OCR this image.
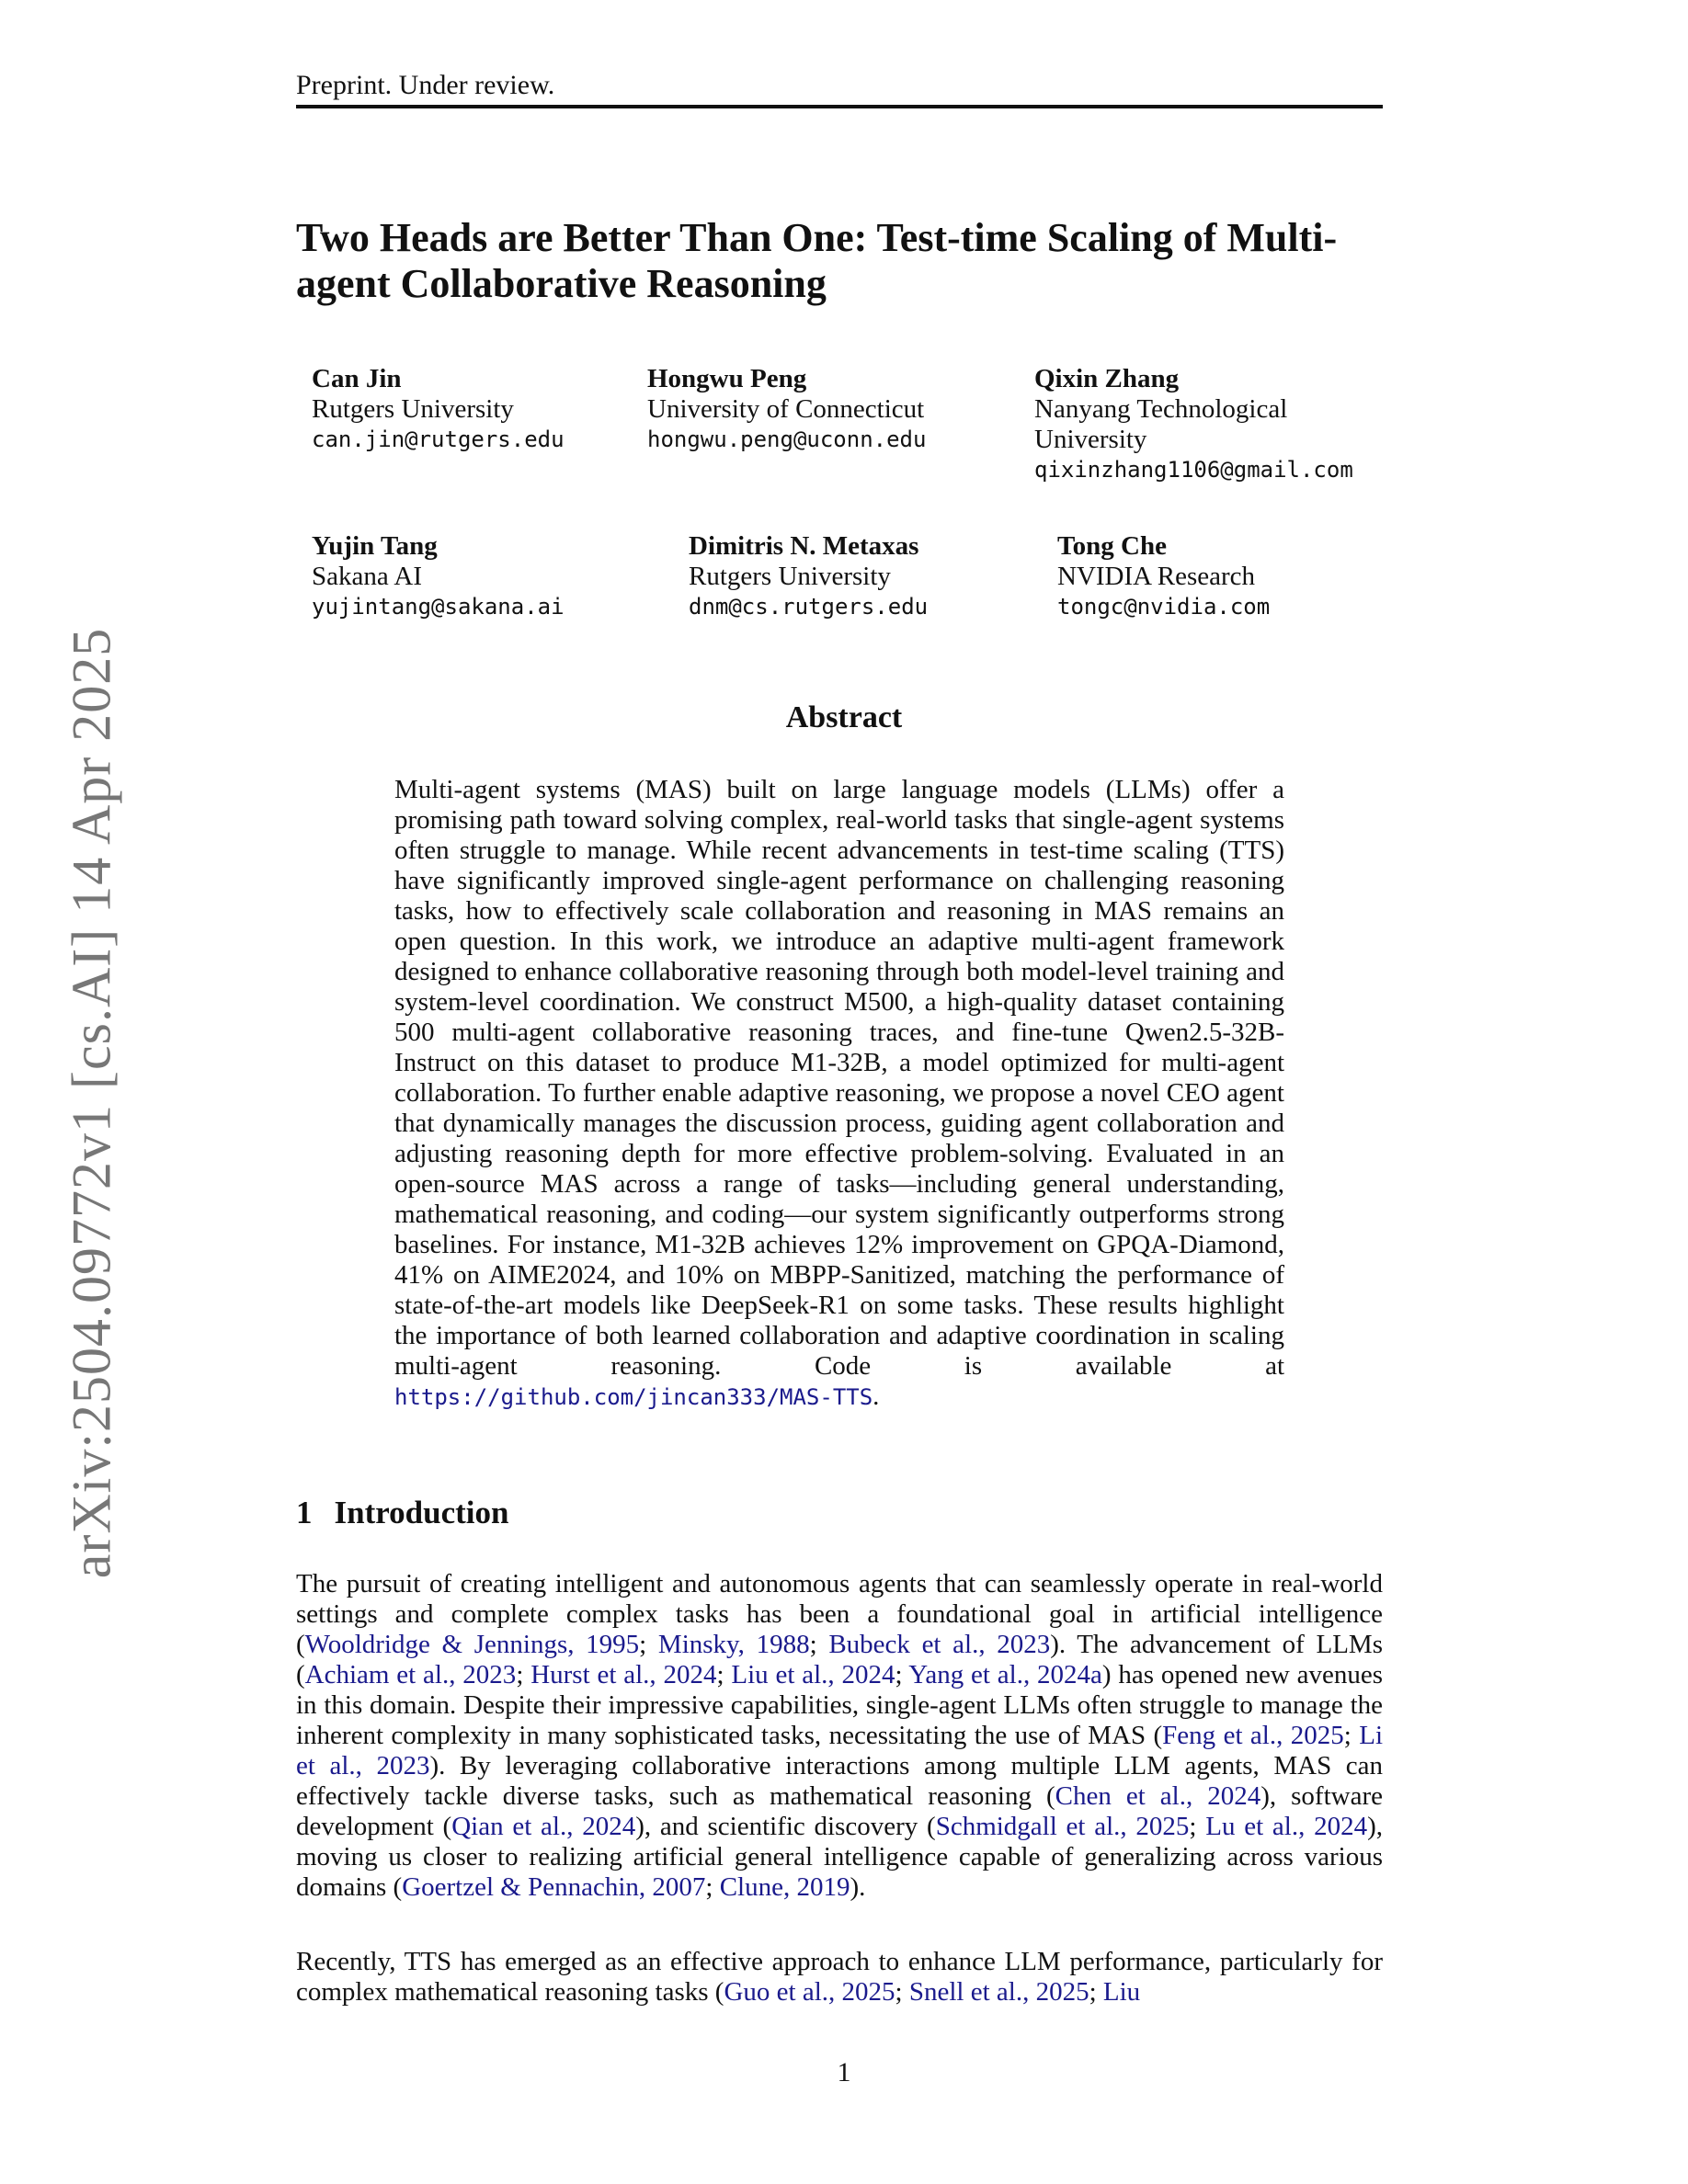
Preprint. Under review.
arXiv:2504.09772v1 [cs.AI] 14 Apr 2025
Two Heads are Better Than One: Test-time Scaling of Multi-agent Collaborative Reasoning
Can Jin
Rutgers University
can.jin@rutgers.edu
Hongwu Peng
University of Connecticut
hongwu.peng@uconn.edu
Qixin Zhang
Nanyang Technological University
qixinzhang1106@gmail.com
Yujin Tang
Sakana AI
yujintang@sakana.ai
Dimitris N. Metaxas
Rutgers University
dnm@cs.rutgers.edu
Tong Che
NVIDIA Research
tongc@nvidia.com
Abstract
Multi-agent systems (MAS) built on large language models (LLMs) offer a promising path toward solving complex, real-world tasks that single-agent systems often struggle to manage. While recent advancements in test-time scaling (TTS) have significantly improved single-agent performance on challenging reasoning tasks, how to effectively scale collaboration and reasoning in MAS remains an open question. In this work, we introduce an adaptive multi-agent framework designed to enhance collaborative reasoning through both model-level training and system-level coordination. We construct M500, a high-quality dataset containing 500 multi-agent collaborative reasoning traces, and fine-tune Qwen2.5-32B-Instruct on this dataset to produce M1-32B, a model optimized for multi-agent collaboration. To further enable adaptive reasoning, we propose a novel CEO agent that dynamically manages the discussion process, guiding agent collaboration and adjusting reasoning depth for more effective problem-solving. Evaluated in an open-source MAS across a range of tasks—including general understanding, mathematical reasoning, and coding—our system significantly outperforms strong baselines. For instance, M1-32B achieves 12% improvement on GPQA-Diamond, 41% on AIME2024, and 10% on MBPP-Sanitized, matching the performance of state-of-the-art models like DeepSeek-R1 on some tasks. These results highlight the importance of both learned collaboration and adaptive coordination in scaling multi-agent reasoning. Code is available at https://github.com/jincan333/MAS-TTS.
1 Introduction
The pursuit of creating intelligent and autonomous agents that can seamlessly operate in real-world settings and complete complex tasks has been a foundational goal in artificial intelligence (Wooldridge & Jennings, 1995; Minsky, 1988; Bubeck et al., 2023). The advancement of LLMs (Achiam et al., 2023; Hurst et al., 2024; Liu et al., 2024; Yang et al., 2024a) has opened new avenues in this domain. Despite their impressive capabilities, single-agent LLMs often struggle to manage the inherent complexity in many sophisticated tasks, necessitating the use of MAS (Feng et al., 2025; Li et al., 2023). By leveraging collaborative interactions among multiple LLM agents, MAS can effectively tackle diverse tasks, such as mathematical reasoning (Chen et al., 2024), software development (Qian et al., 2024), and scientific discovery (Schmidgall et al., 2025; Lu et al., 2024), moving us closer to realizing artificial general intelligence capable of generalizing across various domains (Goertzel & Pennachin, 2007; Clune, 2019).
Recently, TTS has emerged as an effective approach to enhance LLM performance, particularly for complex mathematical reasoning tasks (Guo et al., 2025; Snell et al., 2025; Liu
1
